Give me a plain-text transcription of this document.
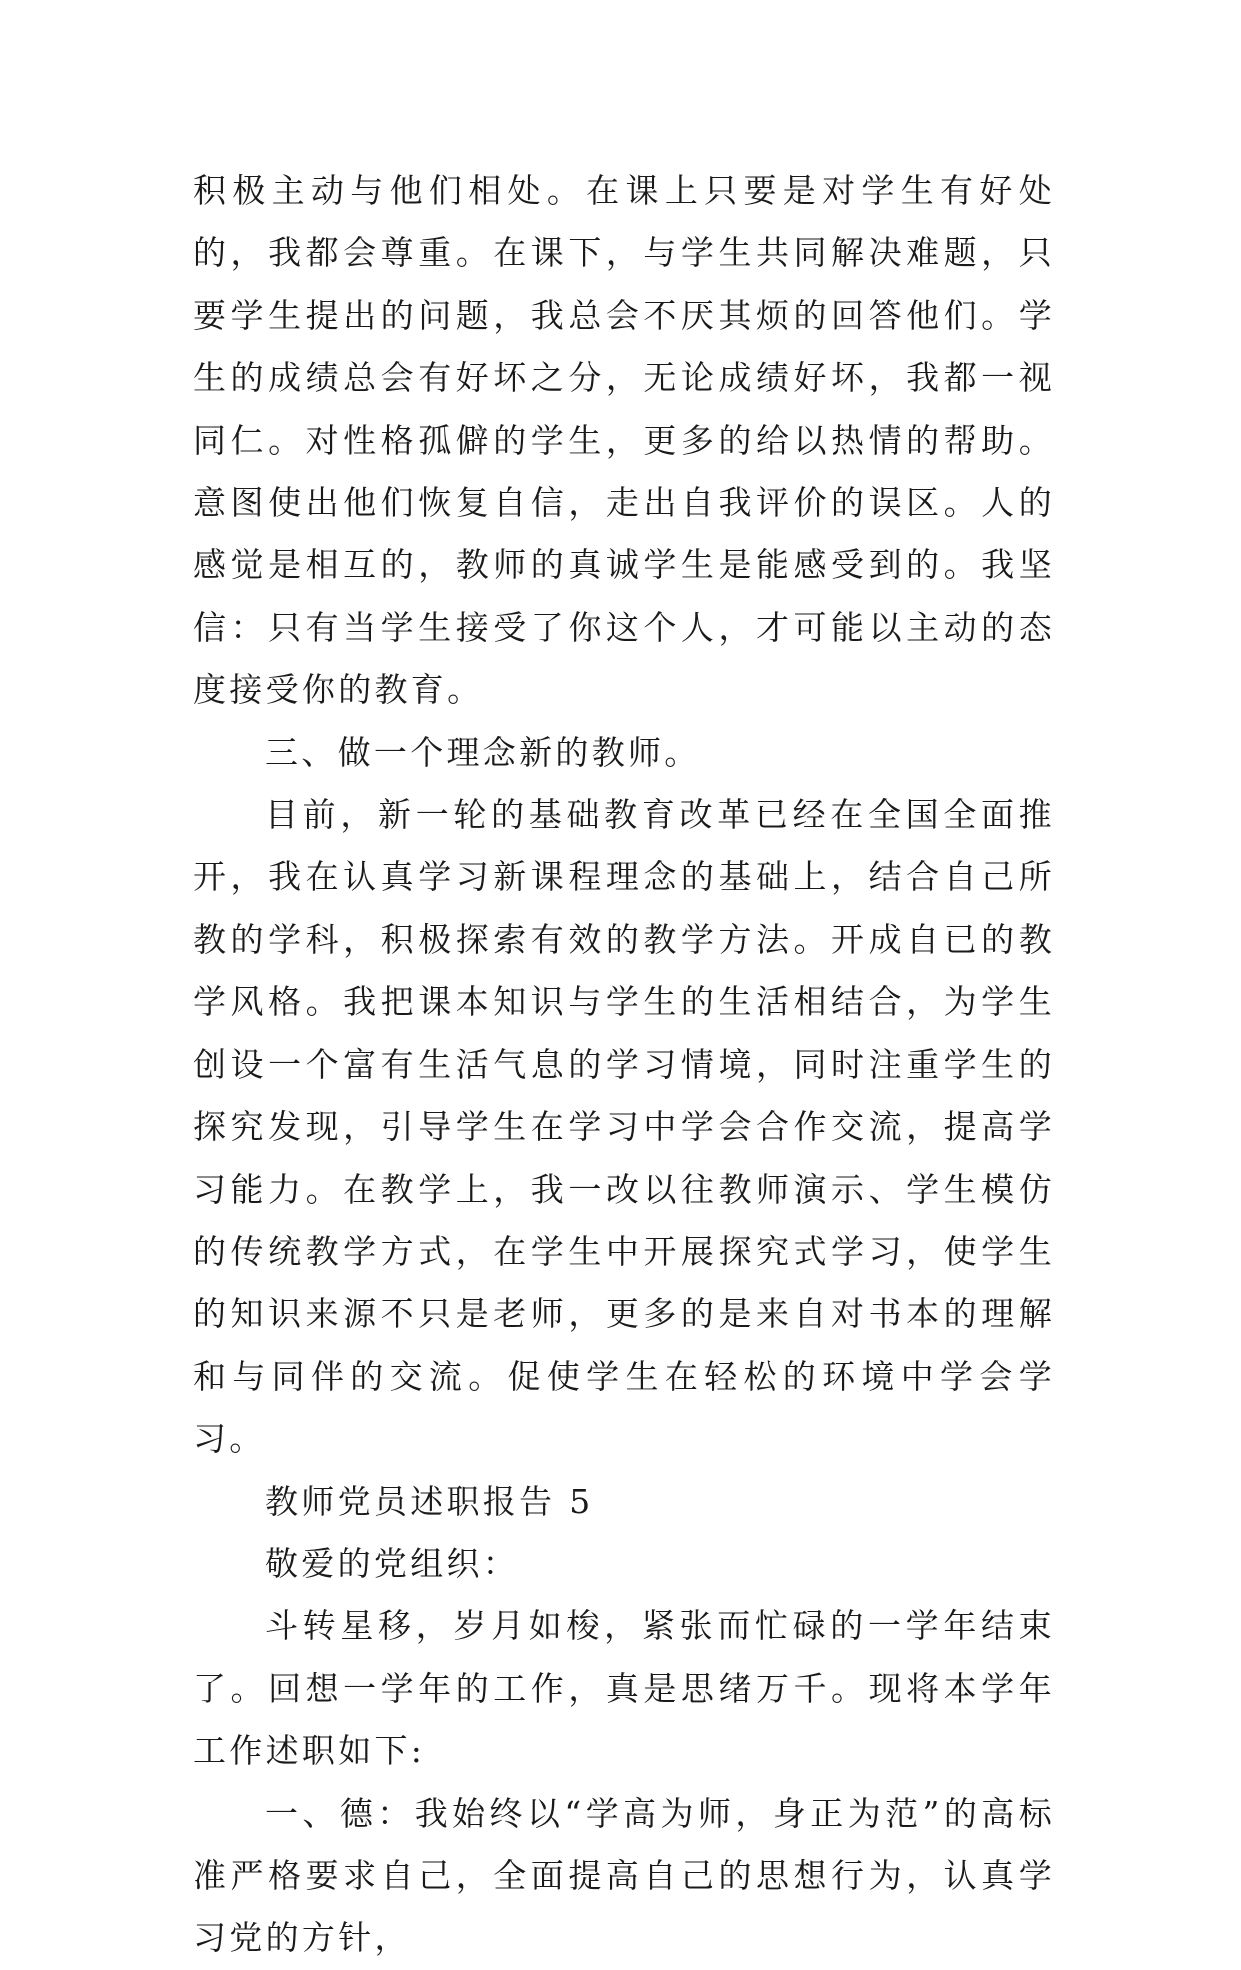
积极主动与他们相处。在课上只要是对学生有好处的，我都会尊重。在课下，与学生共同解决难题，只要学生提出的问题，我总会不厌其烦的回答他们。学生的成绩总会有好坏之分，无论成绩好坏，我都一视同仁。对性格孤僻的学生，更多的给以热情的帮助。意图使出他们恢复自信，走出自我评价的误区。人的感觉是相互的，教师的真诚学生是能感受到的。我坚信：只有当学生接受了你这个人，才可能以主动的态度接受你的教育。

三、做一个理念新的教师。

目前，新一轮的基础教育改革已经在全国全面推开，我在认真学习新课程理念的基础上，结合自己所教的学科，积极探索有效的教学方法。开成自已的教学风格。我把课本知识与学生的生活相结合，为学生创设一个富有生活气息的学习情境，同时注重学生的探究发现，引导学生在学习中学会合作交流，提高学习能力。在教学上，我一改以往教师演示、学生模仿的传统教学方式，在学生中开展探究式学习，使学生的知识来源不只是老师，更多的是来自对书本的理解和与同伴的交流。促使学生在轻松的环境中学会学习。

教师党员述职报告 5

敬爱的党组织：

斗转星移，岁月如梭，紧张而忙碌的一学年结束了。回想一学年的工作，真是思绪万千。现将本学年工作述职如下:

一、德：我始终以“学高为师，身正为范”的高标准严格要求自己，全面提高自己的思想行为，认真学习党的方针，
